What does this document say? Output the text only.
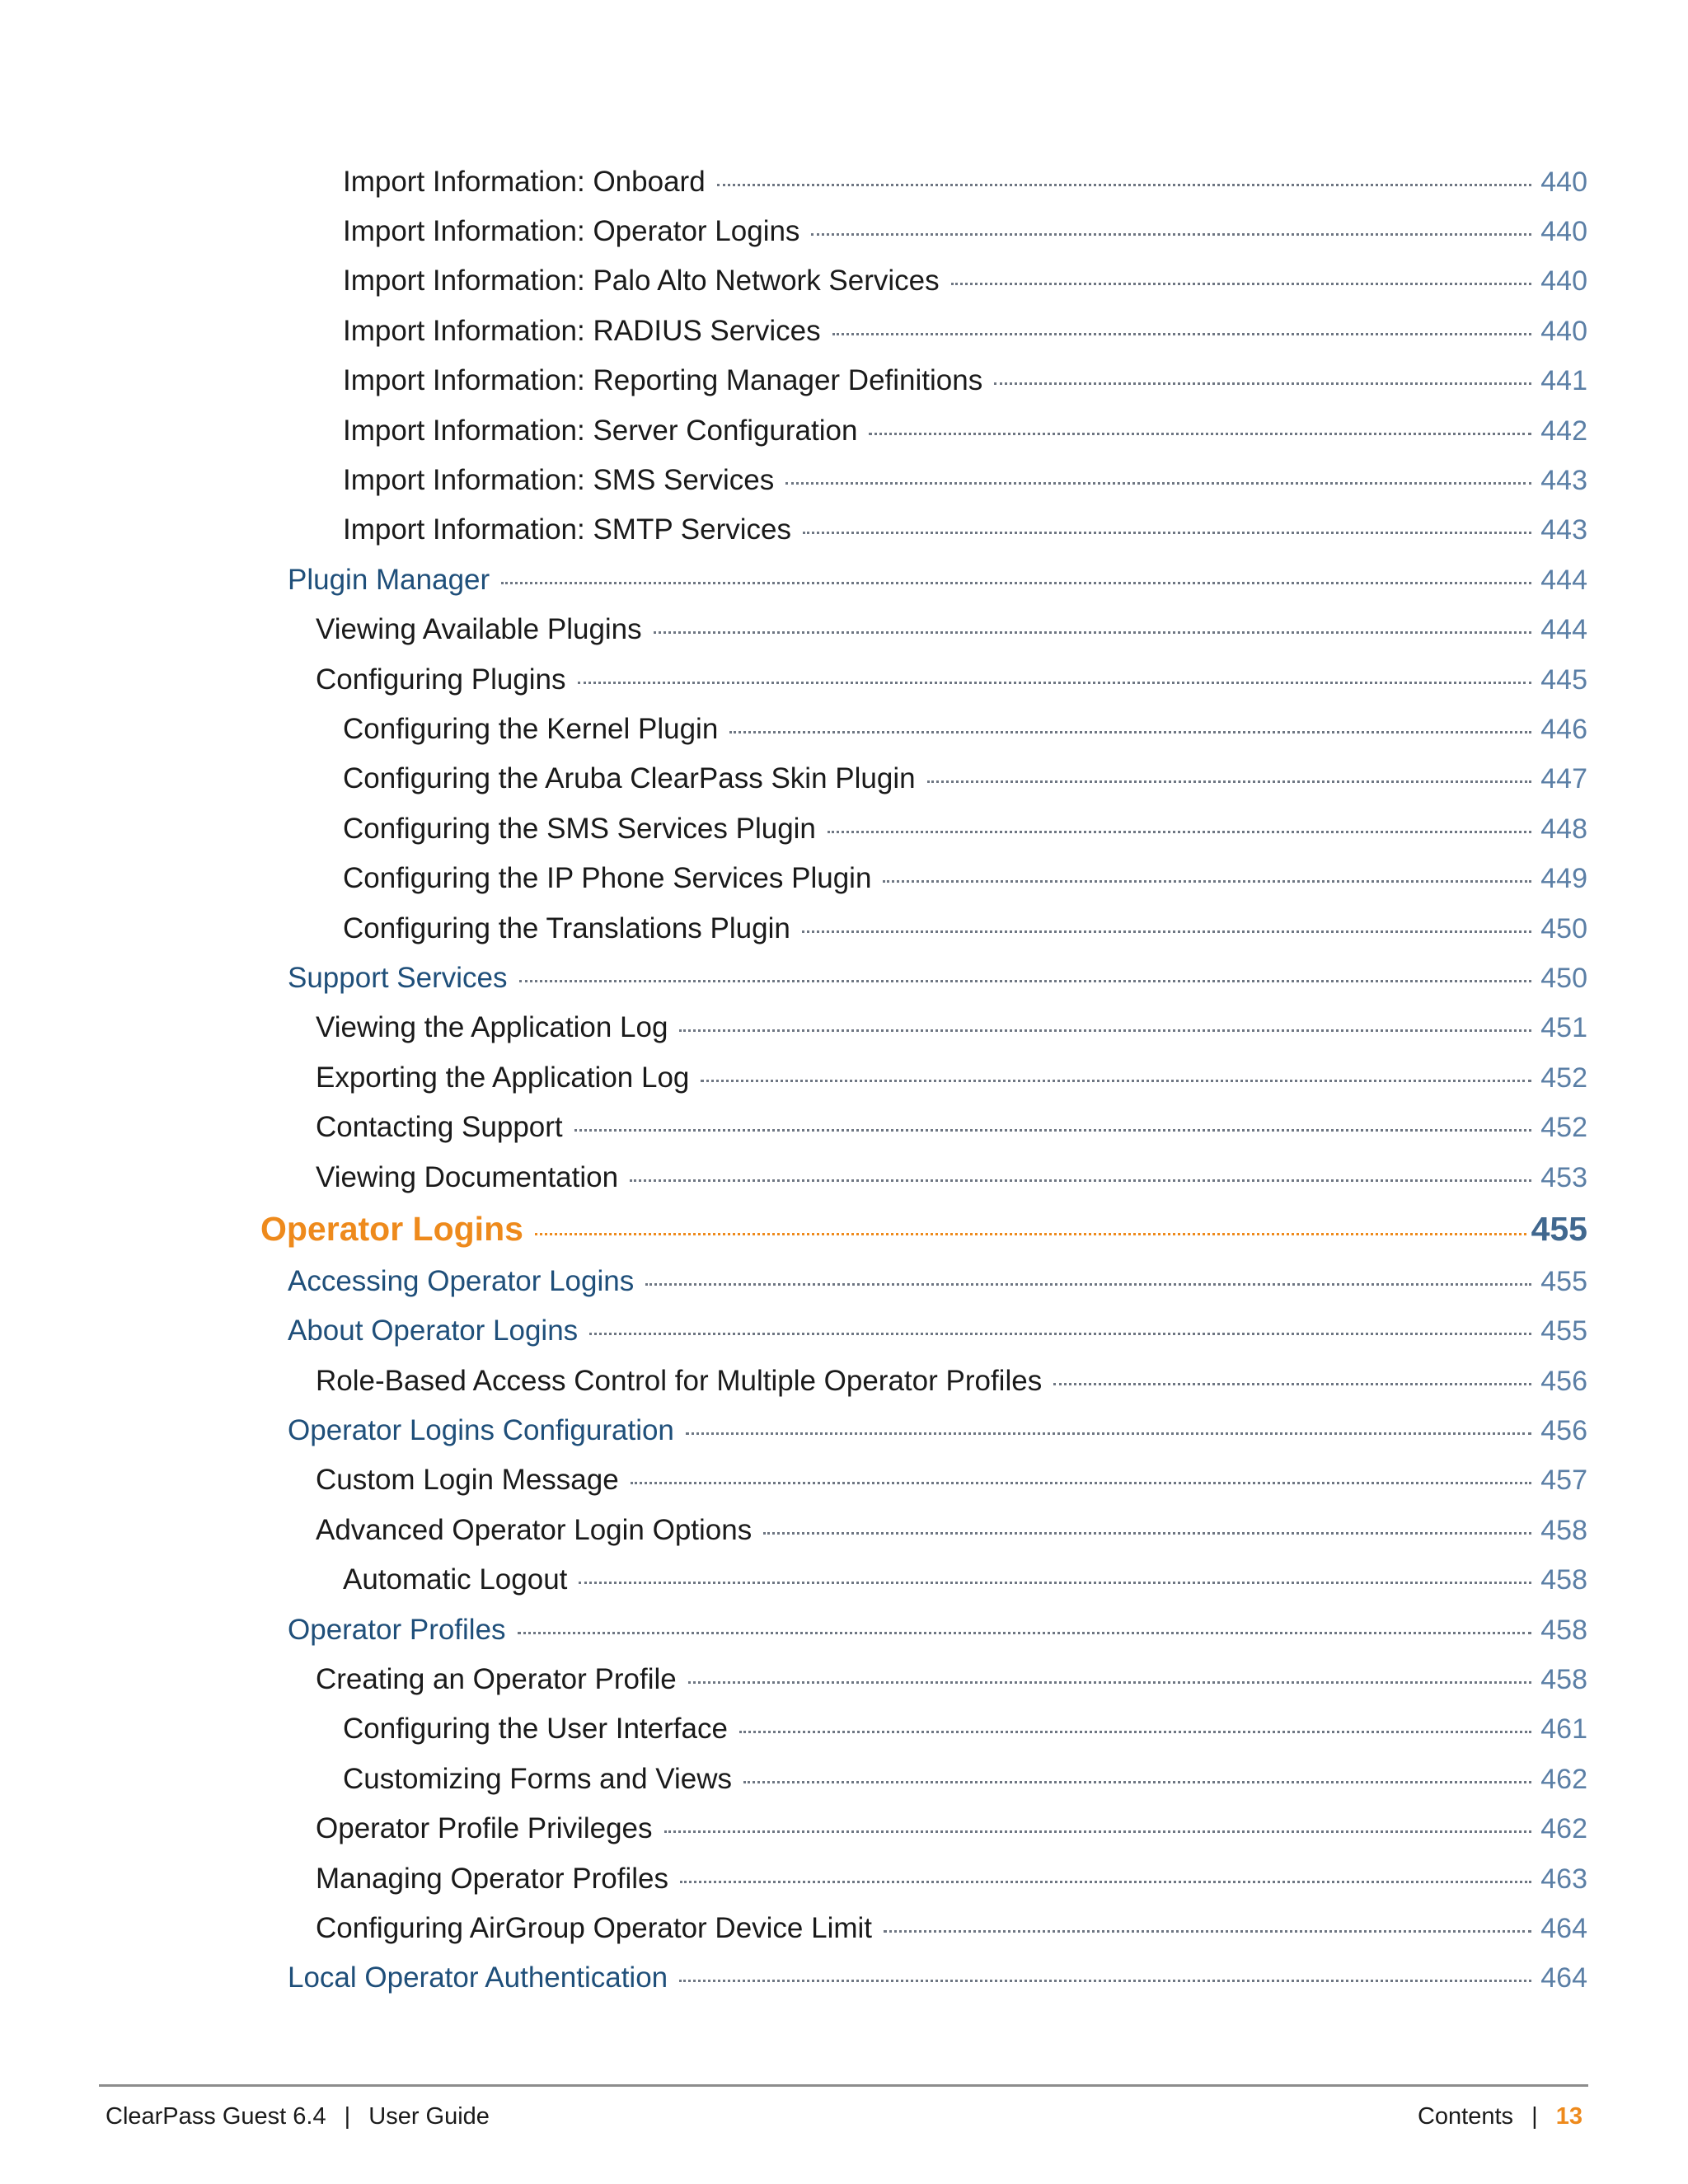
Import Information: Onboard	440
Import Information: Operator Logins	440
Import Information: Palo Alto Network Services	440
Import Information: RADIUS Services	440
Import Information: Reporting Manager Definitions	441
Import Information: Server Configuration	442
Import Information: SMS Services	443
Import Information: SMTP Services	443
Plugin Manager	444
Viewing Available Plugins	444
Configuring Plugins	445
Configuring the Kernel Plugin	446
Configuring the Aruba ClearPass Skin Plugin	447
Configuring the SMS Services Plugin	448
Configuring the IP Phone Services Plugin	449
Configuring the Translations Plugin	450
Support Services	450
Viewing the Application Log	451
Exporting the Application Log	452
Contacting Support	452
Viewing Documentation	453
Operator Logins	455
Accessing Operator Logins	455
About Operator Logins	455
Role-Based Access Control for Multiple Operator Profiles	456
Operator Logins Configuration	456
Custom Login Message	457
Advanced Operator Login Options	458
Automatic Logout	458
Operator Profiles	458
Creating an Operator Profile	458
Configuring the User Interface	461
Customizing Forms and Views	462
Operator Profile Privileges	462
Managing Operator Profiles	463
Configuring AirGroup Operator Device Limit	464
Local Operator Authentication	464
ClearPass Guest 6.4 | User Guide	Contents | 13
